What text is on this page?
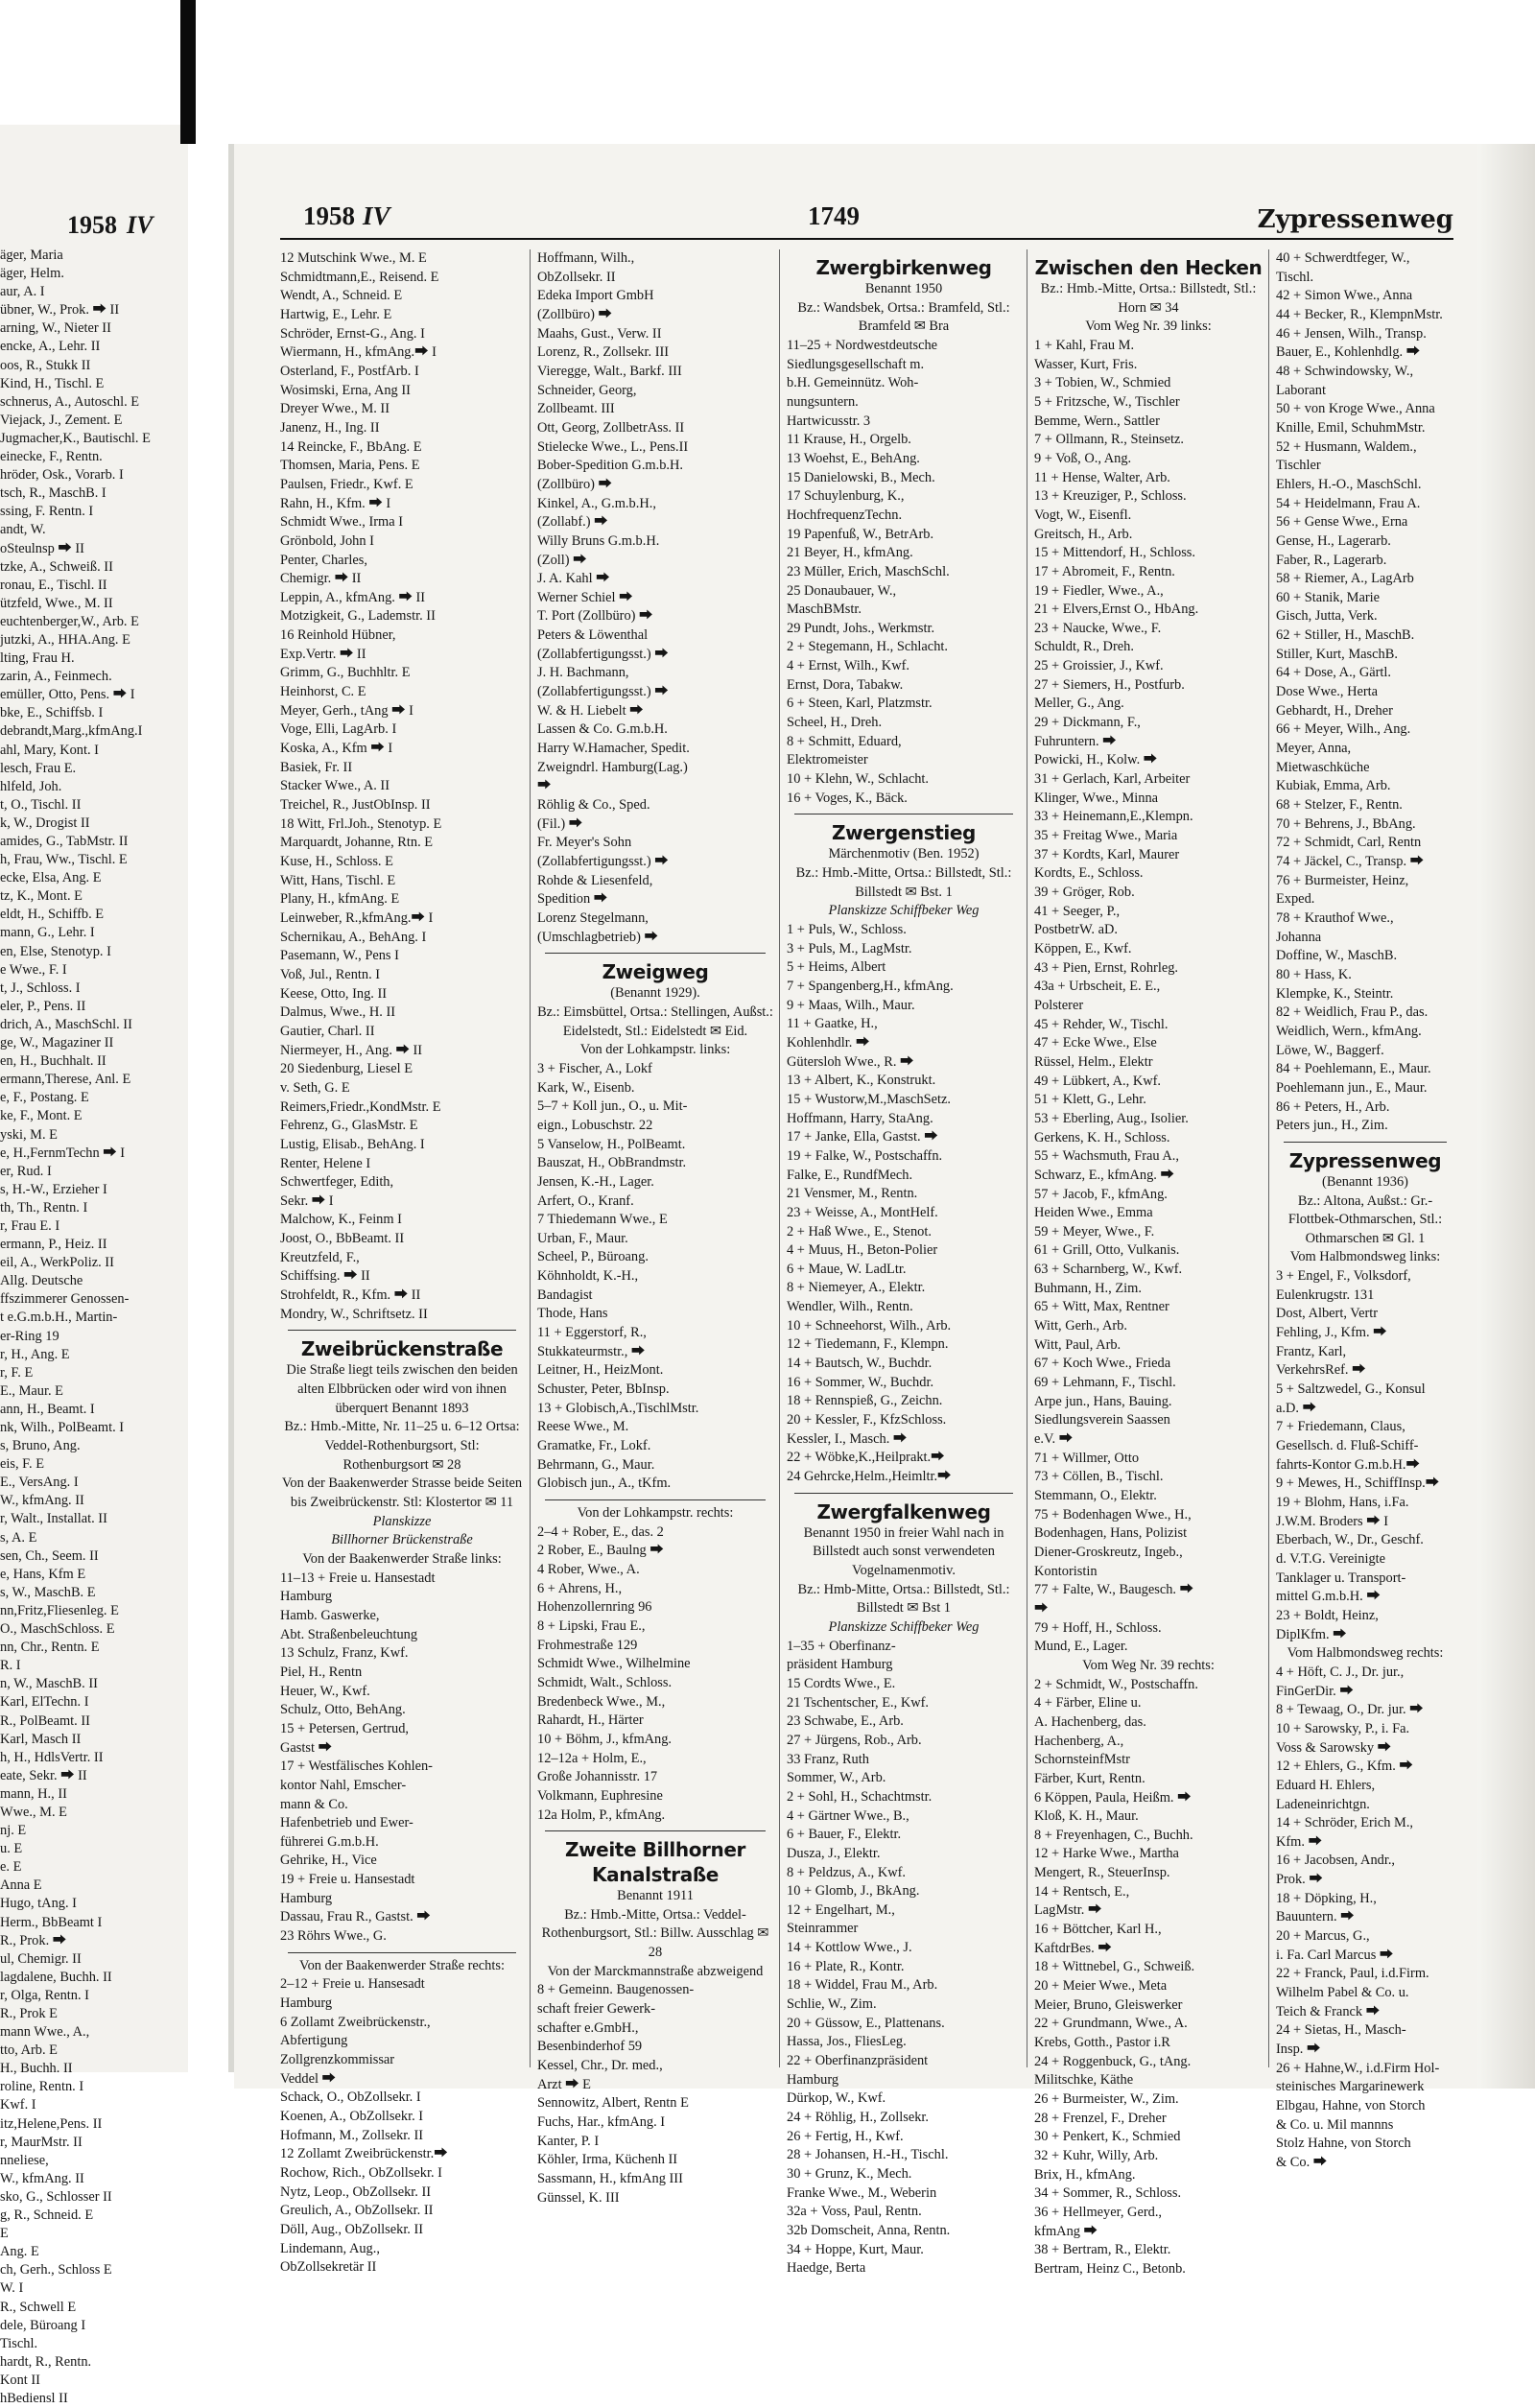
1958 IV
äger, Maria
äger, Helm.
aur, A. I
übner, W., Prok. ⮕ II
arning, W., Nieter II
encke, A., Lehr. II
oos, R., Stukk II
Kind, H., Tischl. E
schnerus, A., Autoschl. E
Viejack, J., Zement. E
Jugmacher,K., Bautischl. E
einecke, F., Rentn.
hröder, Osk., Vorarb. I
tsch, R., MaschB. I
ssing, F. Rentn. I
andt, W.
oSteulnsp ⮕ II
tzke, A., Schweiß. II
ronau, E., Tischl. II
ützfeld, Wwe., M. II
euchtenberger,W., Arb. E
jutzki, A., HHA.Ang. E
lting, Frau H.
zarin, A., Feinmech.
emüller, Otto, Pens. ⮕ I
bke, E., Schiffsb. I
debrandt,Marg.,kfmAng.I
ahl, Mary, Kont. I
lesch, Frau E.
hlfeld, Joh.
t, O., Tischl. II
k, W., Drogist II
amides, G., TabMstr. II
h, Frau, Ww., Tischl. E
ecke, Elsa, Ang. E
tz, K., Mont. E
eldt, H., Schiffb. E
mann, G., Lehr. I
en, Else, Stenotyp. I
e Wwe., F. I
t, J., Schloss. I
eler, P., Pens. II
drich, A., MaschSchl. II
ge, W., Magaziner II
en, H., Buchhalt. II
ermann,Therese, Anl. E
e, F., Postang. E
ke, F., Mont. E
yski, M. E
e, H.,FernmTechn ⮕ I
er, Rud. I
s, H.-W., Erzieher I
th, Th., Rentn. I
r, Frau E. I
ermann, P., Heiz. II
eil, A., WerkPoliz. II
Allg. Deutsche
ffszimmerer Genossen-
t e.G.m.b.H., Martin-
er-Ring 19
r, H., Ang. E
r, F. E
E., Maur. E
ann, H., Beamt. I
nk, Wilh., PolBeamt. I
s, Bruno, Ang.
eis, F. E
E., VersAng. I
W., kfmAng. II
r, Walt., Installat. II
s, A. E
sen, Ch., Seem. II
e, Hans, Kfm E
s, W., MaschB. E
nn,Fritz,Fliesenleg. E
O., MaschSchloss. E
nn, Chr., Rentn. E
R. I
n, W., MaschB. II
Karl, ElTechn. I
R., PolBeamt. II
Karl, Masch II
h, H., HdlsVertr. II
eate, Sekr. ⮕ II
mann, H., II
Wwe., M. E
nj. E
u. E
e. E
Anna E
Hugo, tAng. I
Herm., BbBeamt I
R., Prok. ⮕
ul, Chemigr. II
lagdalene, Buchh. II
r, Olga, Rentn. I
R., Prok E
mann Wwe., A.,
tto, Arb. E
H., Buchh. II
roline, Rentn. I
Kwf. I
itz,Helene,Pens. II
r, MaurMstr. II
nneliese,
W., kfmAng. II
sko, G., Schlosser II
g, R., Schneid. E
E
Ang. E
ch, Gerh., Schloss E
W. I
R., Schwell E
dele, Büroang I
Tischl.
hardt, R., Rentn.
Kont II
hBediensl II
1958 IV	1749	Zypressenweg
12 Mutschink Wwe., M. E
Schmidtmann,E., Reisend. E
Wendt, A., Schneid. E
Hartwig, E., Lehr. E
Schröder, Ernst-G., Ang. I
Wiermann, H., kfmAng.⮕ I
Osterland, F., PostfArb. I
Wosimski, Erna, Ang II
Dreyer Wwe., M. II
Janenz, H., Ing. II
14 Reincke, F., BbAng. E
Thomsen, Maria, Pens. E
Paulsen, Friedr., Kwf. E
Rahn, H., Kfm. ⮕ I
Schmidt Wwe., Irma I
Grönbold, John I
Penter, Charles,
Chemigr. ⮕ II
Leppin, A., kfmAng. ⮕ II
Motzigkeit, G., Lademstr. II
16 Reinhold Hübner,
Exp.Vertr. ⮕ II
Grimm, G., Buchhltr. E
Heinhorst, C. E
Meyer, Gerh., tAng ⮕ I
Voge, Elli, LagArb. I
Koska, A., Kfm ⮕ I
Basiek, Fr. II
Stacker Wwe., A. II
Treichel, R., JustObInsp. II
18 Witt, Frl.Joh., Stenotyp. E
Marquardt, Johanne, Rtn. E
Kuse, H., Schloss. E
Witt, Hans, Tischl. E
Plany, H., kfmAng. E
Leinweber, R.,kfmAng.⮕ I
Schernikau, A., BehAng. I
Pasemann, W., Pens I
Voß, Jul., Rentn. I
Keese, Otto, Ing. II
Dalmus, Wwe., H. II
Gautier, Charl. II
Niermeyer, H., Ang. ⮕ II
20 Siedenburg, Liesel E
v. Seth, G. E
Reimers,Friedr.,KondMstr. E
Fehrenz, G., GlasMstr. E
Lustig, Elisab., BehAng. I
Renter, Helene I
Schwertfeger, Edith,
Sekr. ⮕ I
Malchow, K., Feinm I
Joost, O., BbBeamt. II
Kreutzfeld, F.,
Schiffsing. ⮕ II
Strohfeldt, R., Kfm. ⮕ II
Mondry, W., Schriftsetz. II
Zweibrückenstraße
Die Straße liegt teils zwischen den beiden alten Elbbrücken oder wird von ihnen überquert Benannt 1893
Bz.: Hmb.-Mitte, Nr. 11–25 u. 6–12 Ortsa: Veddel-Rothenburgsort, Stl: Rothenburgsort ✉ 28
Von der Baakenwerder Strasse beide Seiten bis Zweibrückenstr. Stl: Klostertor ✉ 11
Planskizze
Billhorner Brückenstraße
Von der Baakenwerder Straße links:
11–13 + Freie u. Hansestadt
Hamburg
Hamb. Gaswerke,
Abt. Straßenbeleuchtung
13 Schulz, Franz, Kwf.
Piel, H., Rentn
Heuer, W., Kwf.
Schulz, Otto, BehAng.
15 + Petersen, Gertrud,
Gastst ⮕
17 + Westfälisches Kohlen-
kontor Nahl, Emscher-
mann & Co.
Hafenbetrieb und Ewer-
führerei G.m.b.H.
Gehrike, H., Vice
19 + Freie u. Hansestadt
Hamburg
Dassau, Frau R., Gastst. ⮕
23 Röhrs Wwe., G.
Von der Baakenwerder Straße rechts:
2–12 + Freie u. Hansesadt
Hamburg
6 Zollamt Zweibrückenstr.,
Abfertigung
Zollgrenzkommissar
Veddel ⮕
Schack, O., ObZollsekr. I
Koenen, A., ObZollsekr. I
Hofmann, M., Zollsekr. II
12 Zollamt Zweibrückenstr.⮕
Rochow, Rich., ObZollsekr. I
Nytz, Leop., ObZollsekr. II
Greulich, A., ObZollsekr. II
Döll, Aug., ObZollsekr. II
Lindemann, Aug.,
ObZollsekretär II
Hoffmann, Wilh.,
ObZollsekr. II
Edeka Import GmbH
(Zollbüro) ⮕
Maahs, Gust., Verw. II
Lorenz, R., Zollsekr. III
Vieregge, Walt., Barkf. III
Schneider, Georg,
Zollbeamt. III
Ott, Georg, ZollbetrAss. II
Stielecke Wwe., L., Pens.II
Bober-Spedition G.m.b.H.
(Zollbüro) ⮕
Kinkel, A., G.m.b.H.,
(Zollabf.) ⮕
Willy Bruns G.m.b.H.
(Zoll) ⮕
J. A. Kahl ⮕
Werner Schiel ⮕
T. Port (Zollbüro) ⮕
Peters & Löwenthal
(Zollabfertigungsst.) ⮕
J. H. Bachmann,
(Zollabfertigungsst.) ⮕
W. & H. Liebelt ⮕
Lassen & Co. G.m.b.H.
Harry W.Hamacher, Spedit.
Zweigndrl. Hamburg(Lag.)
⮕
Röhlig & Co., Sped.
(Fil.) ⮕
Fr. Meyer's Sohn
(Zollabfertigungsst.) ⮕
Rohde & Liesenfeld,
Spedition ⮕
Lorenz Stegelmann,
(Umschlagbetrieb) ⮕
Zweigweg
(Benannt 1929).
Bz.: Eimsbüttel, Ortsa.: Stellingen, Außst.: Eidelstedt, Stl.: Eidelstedt ✉ Eid.
Von der Lohkampstr. links:
3 + Fischer, A., Lokf
Kark, W., Eisenb.
5–7 + Koll jun., O., u. Mit-
eign., Lobuschstr. 22
5 Vanselow, H., PolBeamt.
Bauszat, H., ObBrandmstr.
Jensen, K.-H., Lager.
Arfert, O., Kranf.
7 Thiedemann Wwe., E
Urban, F., Maur.
Scheel, P., Büroang.
Köhnholdt, K.-H.,
Bandagist
Thode, Hans
11 + Eggerstorf, R.,
Stukkateurmstr., ⮕
Leitner, H., HeizMont.
Schuster, Peter, BbInsp.
13 + Globisch,A.,TischlMstr.
Reese Wwe., M.
Gramatke, Fr., Lokf.
Behrmann, G., Maur.
Globisch jun., A., tKfm.
Von der Lohkampstr. rechts:
2–4 + Rober, E., das. 2
2 Rober, E., Baulng ⮕
4 Rober, Wwe., A.
6 + Ahrens, H.,
Hohenzollernring 96
8 + Lipski, Frau E.,
Frohmestraße 129
Schmidt Wwe., Wilhelmine
Schmidt, Walt., Schloss.
Bredenbeck Wwe., M.,
Rahardt, H., Härter
10 + Böhm, J., kfmAng.
12–12a + Holm, E.,
Große Johannisstr. 17
Volkmann, Euphresine
12a Holm, P., kfmAng.
Zweite Billhorner Kanalstraße
Benannt 1911
Bz.: Hmb.-Mitte, Ortsa.: Veddel-Rothenburgsort, Stl.: Billw. Ausschlag ✉ 28
Von der Marckmannstraße abzweigend
8 + Gemeinn. Baugenossen-
schaft freier Gewerk-
schafter e.GmbH.,
Besenbinderhof 59
Kessel, Chr., Dr. med.,
Arzt ⮕ E
Sennowitz, Albert, Rentn E
Fuchs, Har., kfmAng. I
Kanter, P. I
Köhler, Irma, Küchenh II
Sassmann, H., kfmAng III
Günssel, K. III
Zwergbirkenweg
Benannt 1950
Bz.: Wandsbek, Ortsa.: Bramfeld, Stl.: Bramfeld ✉ Bra
11–25 + Nordwestdeutsche
Siedlungsgesellschaft m.
b.H. Gemeinnütz. Woh-
nungsuntern.
Hartwicusstr. 3
11 Krause, H., Orgelb.
13 Woehst, E., BehAng.
15 Danielowski, B., Mech.
17 Schuylenburg, K.,
HochfrequenzTechn.
19 Papenfuß, W., BetrArb.
21 Beyer, H., kfmAng.
23 Müller, Erich, MaschSchl.
25 Donaubauer, W.,
MaschBMstr.
29 Pundt, Johs., Werkmstr.
2 + Stegemann, H., Schlacht.
4 + Ernst, Wilh., Kwf.
Ernst, Dora, Tabakw.
6 + Steen, Karl, Platzmstr.
Scheel, H., Dreh.
8 + Schmitt, Eduard,
Elektromeister
10 + Klehn, W., Schlacht.
16 + Voges, K., Bäck.
Zwergenstieg
Märchenmotiv (Ben. 1952)
Bz.: Hmb.-Mitte, Ortsa.: Billstedt, Stl.: Billstedt ✉ Bst. 1
Planskizze Schiffbeker Weg
1 + Puls, W., Schloss.
3 + Puls, M., LagMstr.
5 + Heims, Albert
7 + Spangenberg,H., kfmAng.
9 + Maas, Wilh., Maur.
11 + Gaatke, H.,
Kohlenhdlr. ⮕
Gütersloh Wwe., R. ⮕
13 + Albert, K., Konstrukt.
15 + Wustorw,M.,MaschSetz.
Hoffmann, Harry, StaAng.
17 + Janke, Ella, Gastst. ⮕
19 + Falke, W., Postschaffn.
Falke, E., RundfMech.
21 Vensmer, M., Rentn.
23 + Weisse, A., MontHelf.
2 + Haß Wwe., E., Stenot.
4 + Muus, H., Beton-Polier
6 + Maue, W. LadLtr.
8 + Niemeyer, A., Elektr.
Wendler, Wilh., Rentn.
10 + Schneehorst, Wilh., Arb.
12 + Tiedemann, F., Klempn.
14 + Bautsch, W., Buchdr.
16 + Sommer, W., Buchdr.
18 + Rennspieß, G., Zeichn.
20 + Kessler, F., KfzSchloss.
Kessler, I., Masch. ⮕
22 + Wöbke,K.,Heilprakt.⮕
24 Gehrcke,Helm.,Heimltr.⮕
Zwergfalkenweg
Benannt 1950 in freier Wahl nach in Billstedt auch sonst verwendeten Vogelnamenmotiv.
Bz.: Hmb-Mitte, Ortsa.: Billstedt, Stl.: Billstedt ✉ Bst 1
Planskizze Schiffbeker Weg
1–35 + Oberfinanz-
präsident Hamburg
15 Cordts Wwe., E.
21 Tschentscher, E., Kwf.
23 Schwabe, E., Arb.
27 + Jürgens, Rob., Arb.
33 Franz, Ruth
Sommer, W., Arb.
2 + Sohl, H., Schachtmstr.
4 + Gärtner Wwe., B.,
6 + Bauer, F., Elektr.
Dusza, J., Elektr.
8 + Peldzus, A., Kwf.
10 + Glomb, J., BkAng.
12 + Engelhart, M.,
Steinrammer
14 + Kottlow Wwe., J.
16 + Plate, R., Kontr.
18 + Widdel, Frau M., Arb.
Schlie, W., Zim.
20 + Güssow, E., Plattenans.
Hassa, Jos., FliesLeg.
22 + Oberfinanzpräsident
Hamburg
Dürkop, W., Kwf.
24 + Röhlig, H., Zollsekr.
26 + Fertig, H., Kwf.
28 + Johansen, H.-H., Tischl.
30 + Grunz, K., Mech.
Franke Wwe., M., Weberin
32a + Voss, Paul, Rentn.
32b Domscheit, Anna, Rentn.
34 + Hoppe, Kurt, Maur.
Haedge, Berta
Zwischen den Hecken
Bz.: Hmb.-Mitte, Ortsa.: Billstedt, Stl.: Horn ✉ 34
Vom Weg Nr. 39 links:
1 + Kahl, Frau M.
Wasser, Kurt, Fris.
3 + Tobien, W., Schmied
5 + Fritzsche, W., Tischler
Bemme, Wern., Sattler
7 + Ollmann, R., Steinsetz.
9 + Voß, O., Ang.
11 + Hense, Walter, Arb.
13 + Kreuziger, P., Schloss.
Vogt, W., Eisenfl.
Greitsch, H., Arb.
15 + Mittendorf, H., Schloss.
17 + Abromeit, F., Rentn.
19 + Fiedler, Wwe., A.,
21 + Elvers,Ernst O., HbAng.
23 + Naucke, Wwe., F.
Schuldt, R., Dreh.
25 + Groissier, J., Kwf.
27 + Siemers, H., Postfurb.
Meller, G., Ang.
29 + Dickmann, F.,
Fuhruntern. ⮕
Powicki, H., Kolw. ⮕
31 + Gerlach, Karl, Arbeiter
Klinger, Wwe., Minna
33 + Heinemann,E.,Klempn.
35 + Freitag Wwe., Maria
37 + Kordts, Karl, Maurer
Kordts, E., Schloss.
39 + Gröger, Rob.
41 + Seeger, P.,
PostbetrW. aD.
Köppen, E., Kwf.
43 + Pien, Ernst, Rohrleg.
43a + Urbscheit, E. E.,
Polsterer
45 + Rehder, W., Tischl.
47 + Ecke Wwe., Else
Rüssel, Helm., Elektr
49 + Lübkert, A., Kwf.
51 + Klett, G., Lehr.
53 + Eberling, Aug., Isolier.
Gerkens, K. H., Schloss.
55 + Wachsmuth, Frau A.,
Schwarz, E., kfmAng. ⮕
57 + Jacob, F., kfmAng.
Heiden Wwe., Emma
59 + Meyer, Wwe., F.
61 + Grill, Otto, Vulkanis.
63 + Scharnberg, W., Kwf.
Buhmann, H., Zim.
65 + Witt, Max, Rentner
Witt, Gerh., Arb.
Witt, Paul, Arb.
67 + Koch Wwe., Frieda
69 + Lehmann, F., Tischl.
Arpe jun., Hans, Bauing.
Siedlungsverein Saassen
e.V. ⮕
71 + Willmer, Otto
73 + Cöllen, B., Tischl.
Stemmann, O., Elektr.
75 + Bodenhagen Wwe., H.,
Bodenhagen, Hans, Polizist
Diener-Groskreutz, Ingeb.,
Kontoristin
77 + Falte, W., Baugesch. ⮕
⮕
79 + Hoff, H., Schloss.
Mund, E., Lager.
Vom Weg Nr. 39 rechts:
2 + Schmidt, W., Postschaffn.
4 + Färber, Eline u.
A. Hachenberg, das.
Hachenberg, A.,
SchornsteinfMstr
Färber, Kurt, Rentn.
6 Köppen, Paula, Heißm. ⮕
Kloß, K. H., Maur.
8 + Freyenhagen, C., Buchh.
12 + Harke Wwe., Martha
Mengert, R., SteuerInsp.
14 + Rentsch, E.,
LagMstr. ⮕
16 + Böttcher, Karl H.,
KaftdrBes. ⮕
18 + Wittnebel, G., Schweiß.
20 + Meier Wwe., Meta
Meier, Bruno, Gleiswerker
22 + Grundmann, Wwe., A.
Krebs, Gotth., Pastor i.R
24 + Roggenbuck, G., tAng.
Militschke, Käthe
26 + Burmeister, W., Zim.
28 + Frenzel, F., Dreher
30 + Penkert, K., Schmied
32 + Kuhr, Willy, Arb.
Brix, H., kfmAng.
34 + Sommer, R., Schloss.
36 + Hellmeyer, Gerd.,
kfmAng ⮕
38 + Bertram, R., Elektr.
Bertram, Heinz C., Betonb.
40 + Schwerdtfeger, W.,
Tischl.
42 + Simon Wwe., Anna
44 + Becker, R., KlempnMstr.
46 + Jensen, Wilh., Transp.
Bauer, E., Kohlenhdlg. ⮕
48 + Schwindowsky, W.,
Laborant
50 + von Kroge Wwe., Anna
Knille, Emil, SchuhmMstr.
52 + Husmann, Waldem.,
Tischler
Ehlers, H.-O., MaschSchl.
54 + Heidelmann, Frau A.
56 + Gense Wwe., Erna
Gense, H., Lagerarb.
Faber, R., Lagerarb.
58 + Riemer, A., LagArb
60 + Stanik, Marie
Gisch, Jutta, Verk.
62 + Stiller, H., MaschB.
Stiller, Kurt, MaschB.
64 + Dose, A., Gärtl.
Dose Wwe., Herta
Gebhardt, H., Dreher
66 + Meyer, Wilh., Ang.
Meyer, Anna,
Mietwaschküche
Kubiak, Emma, Arb.
68 + Stelzer, F., Rentn.
70 + Behrens, J., BbAng.
72 + Schmidt, Carl, Rentn
74 + Jäckel, C., Transp. ⮕
76 + Burmeister, Heinz,
Exped.
78 + Krauthof Wwe.,
Johanna
Doffine, W., MaschB.
80 + Hass, K.
Klempke, K., Steintr.
82 + Weidlich, Frau P., das.
Weidlich, Wern., kfmAng.
Löwe, W., Baggerf.
84 + Poehlemann, E., Maur.
Poehlemann jun., E., Maur.
86 + Peters, H., Arb.
Peters jun., H., Zim.
Zypressenweg
(Benannt 1936)
Bz.: Altona, Außst.: Gr.-Flottbek-Othmarschen, Stl.: Othmarschen ✉ Gl. 1
Vom Halbmondsweg links:
3 + Engel, F., Volksdorf,
Eulenkrugstr. 131
Dost, Albert, Vertr
Fehling, J., Kfm. ⮕
Frantz, Karl,
VerkehrsRef. ⮕
5 + Saltzwedel, G., Konsul
a.D. ⮕
7 + Friedemann, Claus,
Gesellsch. d. Fluß-Schiff-
fahrts-Kontor G.m.b.H.⮕
9 + Mewes, H., SchiffInsp.⮕
19 + Blohm, Hans, i.Fa.
J.W.M. Broders ⮕ I
Eberbach, W., Dr., Geschf.
d. V.T.G. Vereinigte
Tanklager u. Transport-
mittel G.m.b.H. ⮕
23 + Boldt, Heinz,
DiplKfm. ⮕
Vom Halbmondsweg rechts:
4 + Höft, C. J., Dr. jur.,
FinGerDir. ⮕
8 + Tewaag, O., Dr. jur. ⮕
10 + Sarowsky, P., i. Fa.
Voss & Sarowsky ⮕
12 + Ehlers, G., Kfm. ⮕
Eduard H. Ehlers,
Ladeneinrichtgn.
14 + Schröder, Erich M.,
Kfm. ⮕
16 + Jacobsen, Andr.,
Prok. ⮕
18 + Döpking, H.,
Bauuntern. ⮕
20 + Marcus, G.,
i. Fa. Carl Marcus ⮕
22 + Franck, Paul, i.d.Firm.
Wilhelm Pabel & Co. u.
Teich & Franck ⮕
24 + Sietas, H., Masch-
Insp. ⮕
26 + Hahne,W., i.d.Firm Hol-
steinisches Margarinewerk
Elbgau, Hahne, von Storch
& Co. u. Mil mannns
Stolz Hahne, von Storch
& Co. ⮕
